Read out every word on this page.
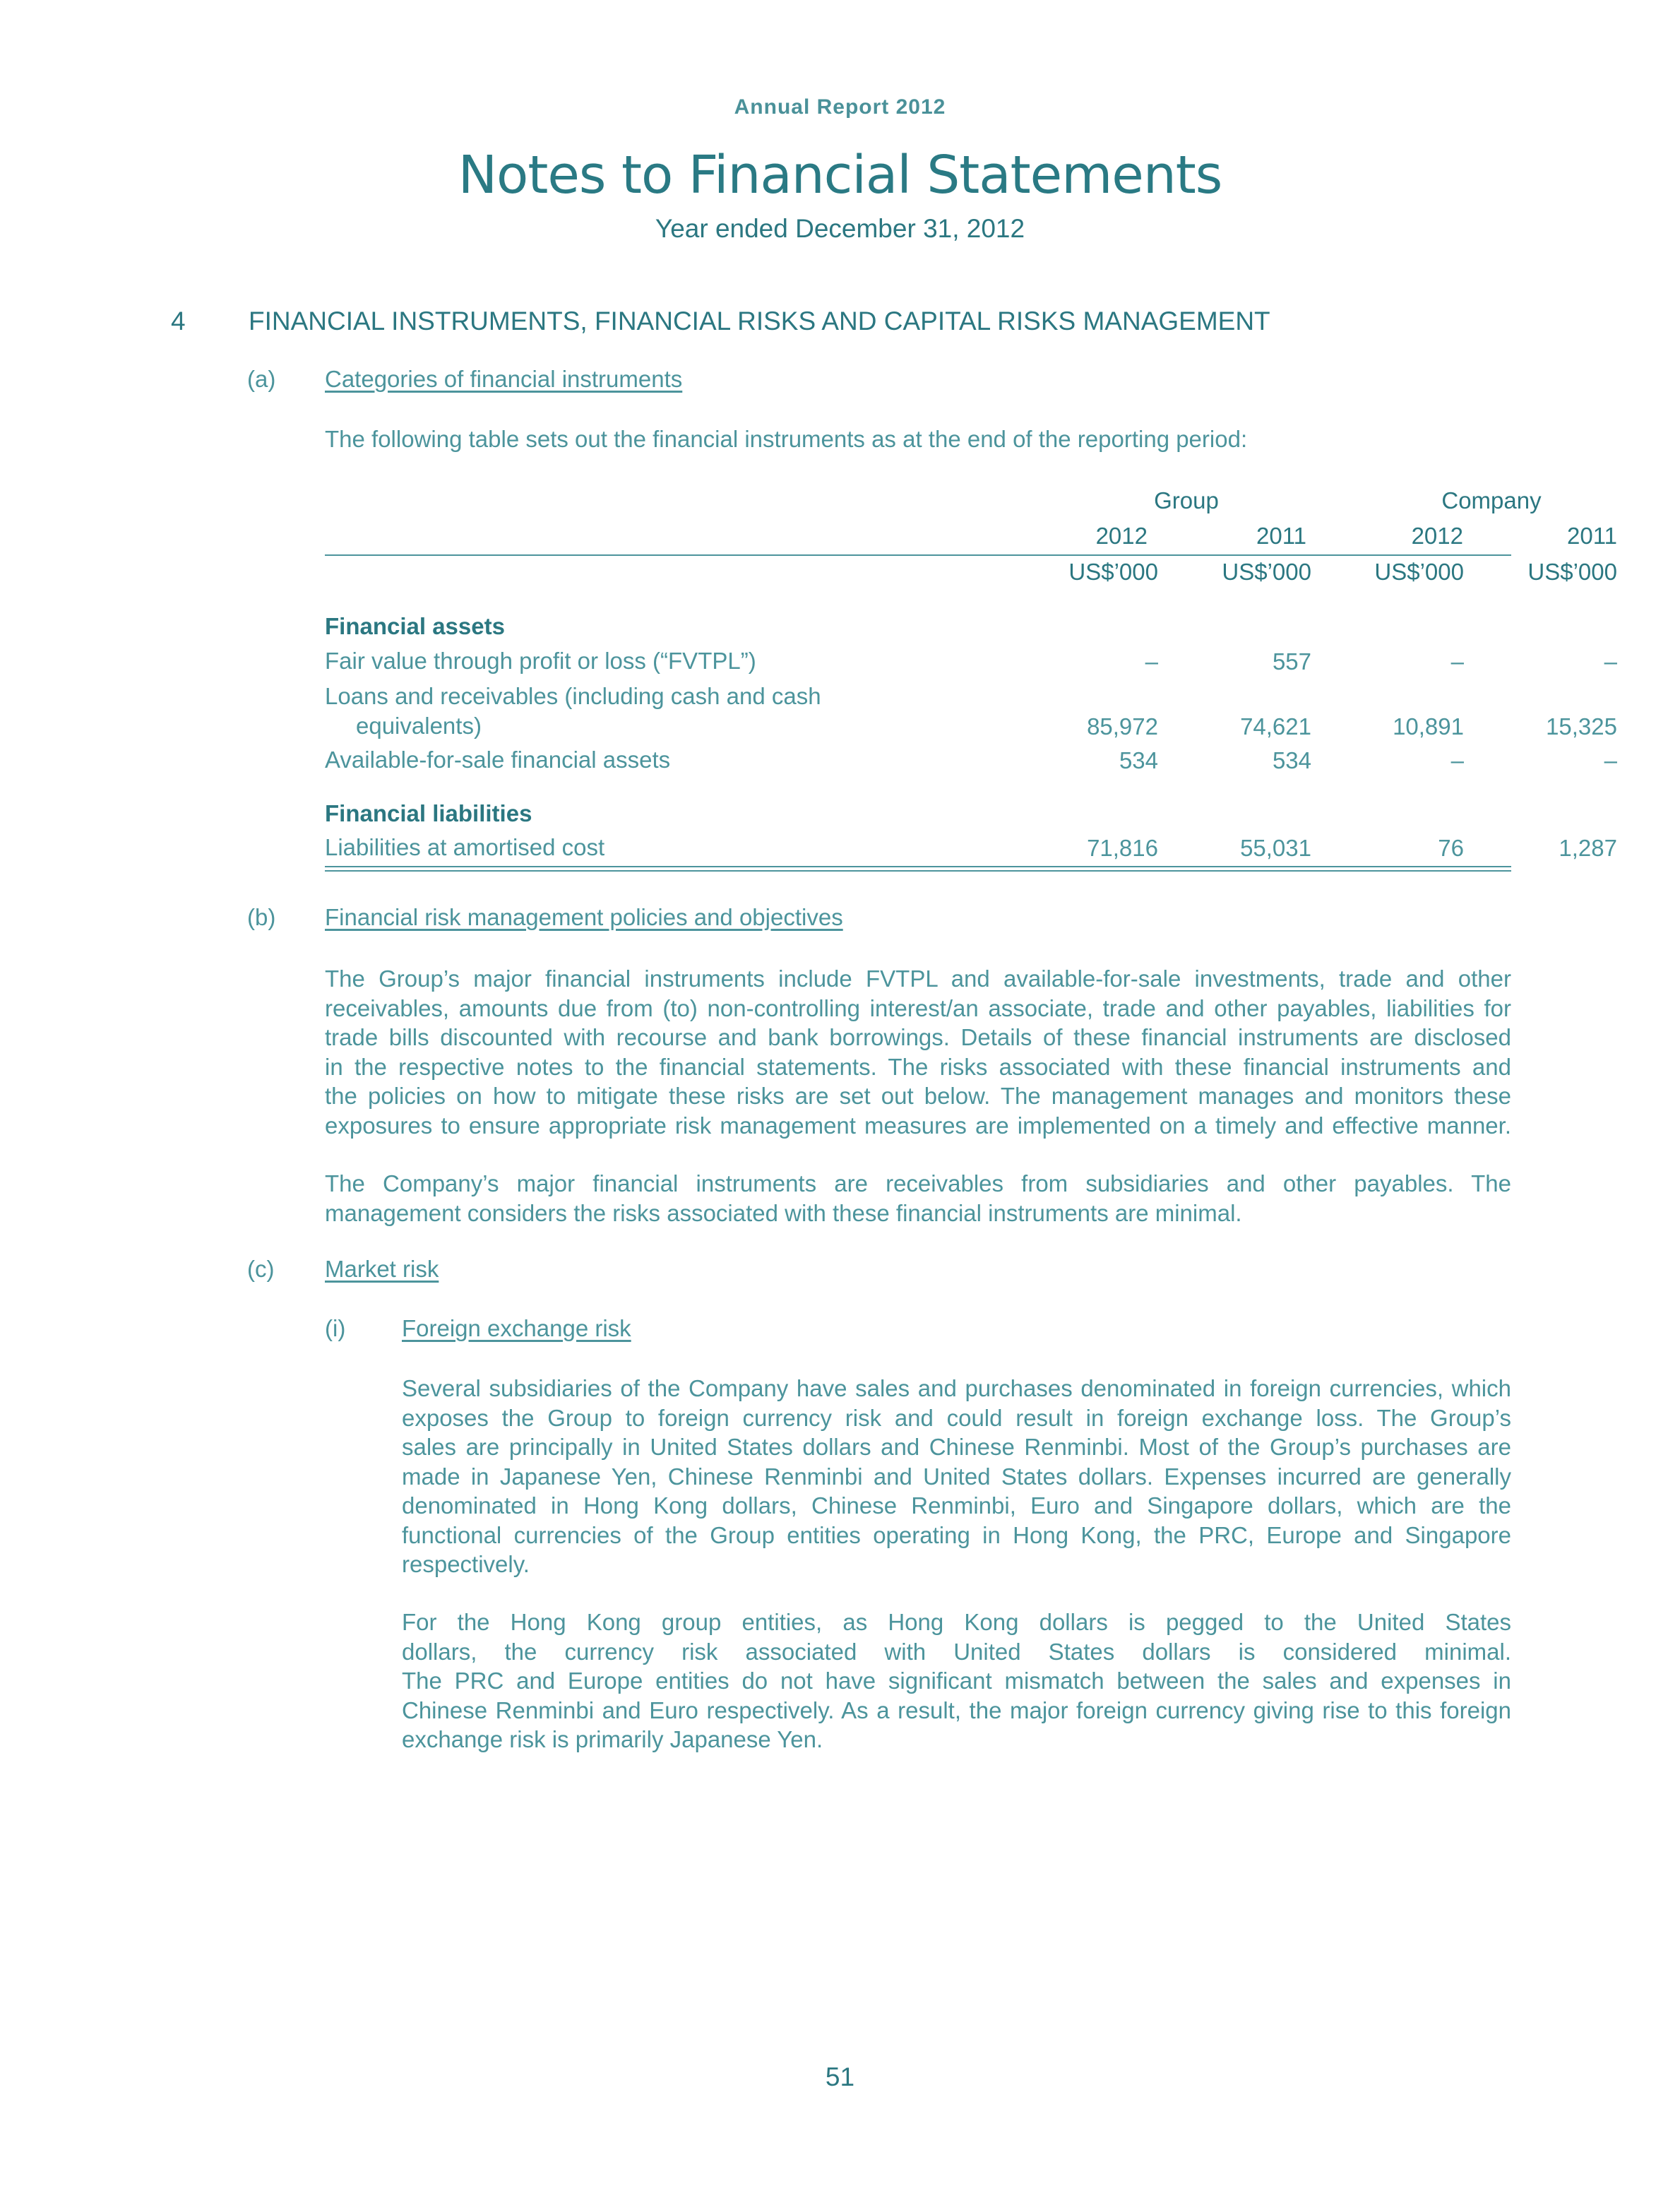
Annual Report 2012
Notes to Financial Statements
Year ended December 31, 2012
4 FINANCIAL INSTRUMENTS, FINANCIAL RISKS AND CAPITAL RISKS MANAGEMENT
(a) Categories of financial instruments
The following table sets out the financial instruments as at the end of the reporting period:
Group	Company
2012	2011	2012	2011
US$’000	US$’000	US$’000	US$’000
Financial assets
Fair value through profit or loss (“FVTPL”)	–	557	–	–
Loans and receivables (including cash and cash
equivalents)	85,972	74,621	10,891	15,325
Available-for-sale financial assets	534	534	–	–
Financial liabilities
Liabilities at amortised cost	71,816	55,031	76	1,287
(b) Financial risk management policies and objectives
The Group’s major financial instruments include FVTPL and available-for-sale investments, trade and other
receivables, amounts due from (to) non-controlling interest/an associate, trade and other payables, liabilities for
trade bills discounted with recourse and bank borrowings. Details of these financial instruments are disclosed
in the respective notes to the financial statements. The risks associated with these financial instruments and
the policies on how to mitigate these risks are set out below. The management manages and monitors these
exposures to ensure appropriate risk management measures are implemented on a timely and effective manner.
The Company’s major financial instruments are receivables from subsidiaries and other payables. The
management considers the risks associated with these financial instruments are minimal.
(c) Market risk
(i) Foreign exchange risk
Several subsidiaries of the Company have sales and purchases denominated in foreign currencies, which
exposes the Group to foreign currency risk and could result in foreign exchange loss. The Group’s
sales are principally in United States dollars and Chinese Renminbi. Most of the Group’s purchases are
made in Japanese Yen, Chinese Renminbi and United States dollars. Expenses incurred are generally
denominated in Hong Kong dollars, Chinese Renminbi, Euro and Singapore dollars, which are the
functional currencies of the Group entities operating in Hong Kong, the PRC, Europe and Singapore
respectively.
For the Hong Kong group entities, as Hong Kong dollars is pegged to the United States
dollars, the currency risk associated with United States dollars is considered minimal.
The PRC and Europe entities do not have significant mismatch between the sales and expenses in
Chinese Renminbi and Euro respectively. As a result, the major foreign currency giving rise to this foreign
exchange risk is primarily Japanese Yen.
51
